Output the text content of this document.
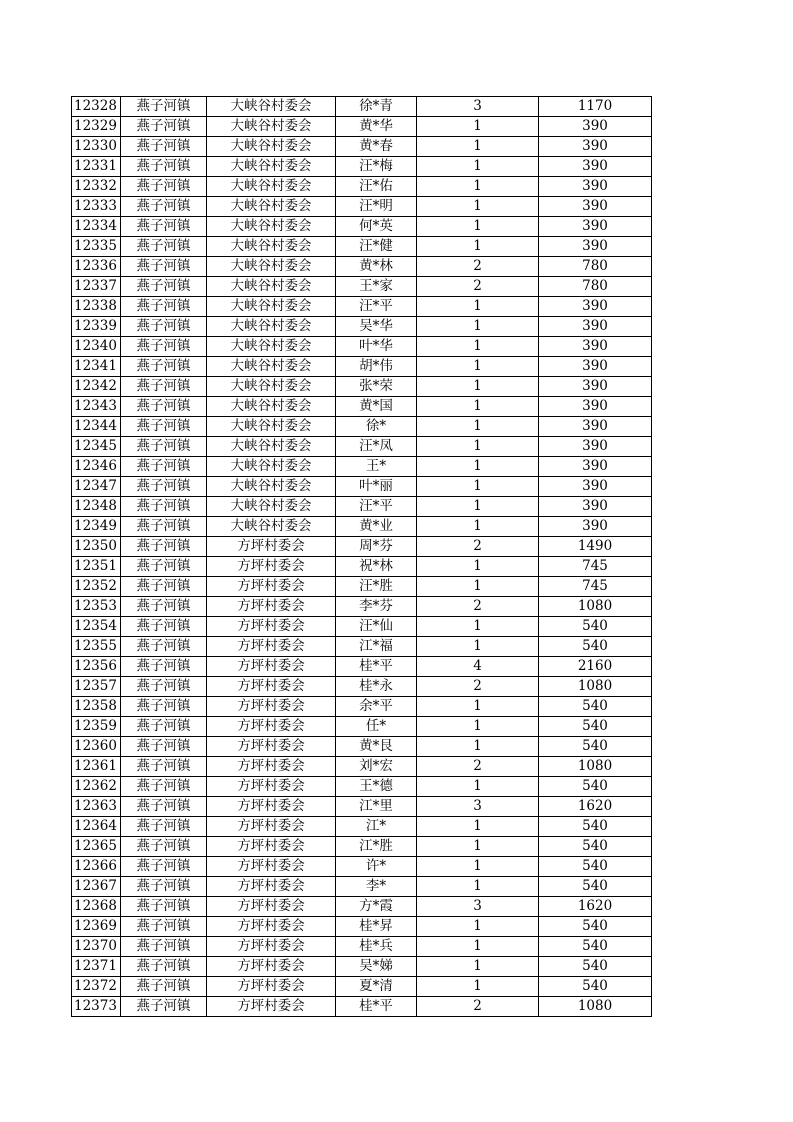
12328	燕子河镇	大峡谷村委会	徐*青	3	1170
12329	燕子河镇	大峡谷村委会	黄*华	1	390
12330	燕子河镇	大峡谷村委会	黄*春	1	390
12331	燕子河镇	大峡谷村委会	汪*梅	1	390
12332	燕子河镇	大峡谷村委会	汪*佑	1	390
12333	燕子河镇	大峡谷村委会	汪*明	1	390
12334	燕子河镇	大峡谷村委会	何*英	1	390
12335	燕子河镇	大峡谷村委会	汪*健	1	390
12336	燕子河镇	大峡谷村委会	黄*林	2	780
12337	燕子河镇	大峡谷村委会	王*家	2	780
12338	燕子河镇	大峡谷村委会	汪*平	1	390
12339	燕子河镇	大峡谷村委会	吴*华	1	390
12340	燕子河镇	大峡谷村委会	叶*华	1	390
12341	燕子河镇	大峡谷村委会	胡*伟	1	390
12342	燕子河镇	大峡谷村委会	张*荣	1	390
12343	燕子河镇	大峡谷村委会	黄*国	1	390
12344	燕子河镇	大峡谷村委会	徐*	1	390
12345	燕子河镇	大峡谷村委会	汪*凤	1	390
12346	燕子河镇	大峡谷村委会	王*	1	390
12347	燕子河镇	大峡谷村委会	叶*丽	1	390
12348	燕子河镇	大峡谷村委会	汪*平	1	390
12349	燕子河镇	大峡谷村委会	黄*业	1	390
12350	燕子河镇	方坪村委会	周*芬	2	1490
12351	燕子河镇	方坪村委会	祝*林	1	745
12352	燕子河镇	方坪村委会	汪*胜	1	745
12353	燕子河镇	方坪村委会	李*芬	2	1080
12354	燕子河镇	方坪村委会	汪*仙	1	540
12355	燕子河镇	方坪村委会	江*福	1	540
12356	燕子河镇	方坪村委会	桂*平	4	2160
12357	燕子河镇	方坪村委会	桂*永	2	1080
12358	燕子河镇	方坪村委会	余*平	1	540
12359	燕子河镇	方坪村委会	任*	1	540
12360	燕子河镇	方坪村委会	黄*艮	1	540
12361	燕子河镇	方坪村委会	刘*宏	2	1080
12362	燕子河镇	方坪村委会	王*德	1	540
12363	燕子河镇	方坪村委会	江*里	3	1620
12364	燕子河镇	方坪村委会	江*	1	540
12365	燕子河镇	方坪村委会	江*胜	1	540
12366	燕子河镇	方坪村委会	许*	1	540
12367	燕子河镇	方坪村委会	李*	1	540
12368	燕子河镇	方坪村委会	方*霞	3	1620
12369	燕子河镇	方坪村委会	桂*昇	1	540
12370	燕子河镇	方坪村委会	桂*兵	1	540
12371	燕子河镇	方坪村委会	吴*娣	1	540
12372	燕子河镇	方坪村委会	夏*清	1	540
12373	燕子河镇	方坪村委会	桂*平	2	1080
